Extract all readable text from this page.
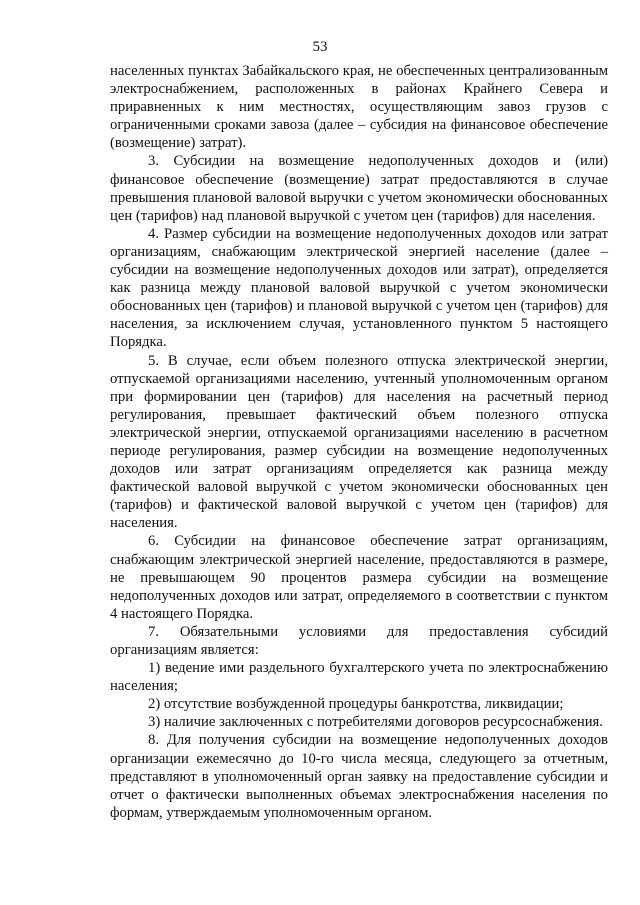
53

населенных пунктах Забайкальского края, не обеспеченных централизованным электроснабжением, расположенных в районах Крайнего Севера и приравненных к ним местностях, осуществляющим завоз грузов с ограниченными сроками завоза (далее – субсидия на финансовое обеспечение (возмещение) затрат).

3. Субсидии на возмещение недополученных доходов и (или) финансовое обеспечение (возмещение) затрат предоставляются в случае превышения плановой валовой выручки с учетом экономически обоснованных цен (тарифов) над плановой выручкой с учетом цен (тарифов) для населения.

4. Размер субсидии на возмещение недополученных доходов или затрат организациям, снабжающим электрической энергией население (далее – субсидии на возмещение недополученных доходов или затрат), определяется как разница между плановой валовой выручкой с учетом экономически обоснованных цен (тарифов) и плановой выручкой с учетом цен (тарифов) для населения, за исключением случая, установленного пунктом 5 настоящего Порядка.

5. В случае, если объем полезного отпуска электрической энергии, отпускаемой организациями населению, учтенный уполномоченным органом при формировании цен (тарифов) для населения на расчетный период регулирования, превышает фактический объем полезного отпуска электрической энергии, отпускаемой организациями населению в расчетном периоде регулирования, размер субсидии на возмещение недополученных доходов или затрат организациям определяется как разница между фактической валовой выручкой с учетом экономически обоснованных цен (тарифов) и фактической валовой выручкой с учетом цен (тарифов) для населения.

6. Субсидии на финансовое обеспечение затрат организациям, снабжающим электрической энергией население, предоставляются в размере, не превышающем 90 процентов размера субсидии на возмещение недополученных доходов или затрат, определяемого в соответствии с пунктом 4 настоящего Порядка.

7. Обязательными условиями для предоставления субсидий организациям является:

1) ведение ими раздельного бухгалтерского учета по электроснабжению населения;

2) отсутствие возбужденной процедуры банкротства, ликвидации;

3) наличие заключенных с потребителями договоров ресурсоснабжения.

8. Для получения субсидии на возмещение недополученных доходов организации ежемесячно до 10-го числа месяца, следующего за отчетным, представляют в уполномоченный орган заявку на предоставление субсидии и отчет о фактически выполненных объемах электроснабжения населения по формам, утверждаемым уполномоченным органом.
